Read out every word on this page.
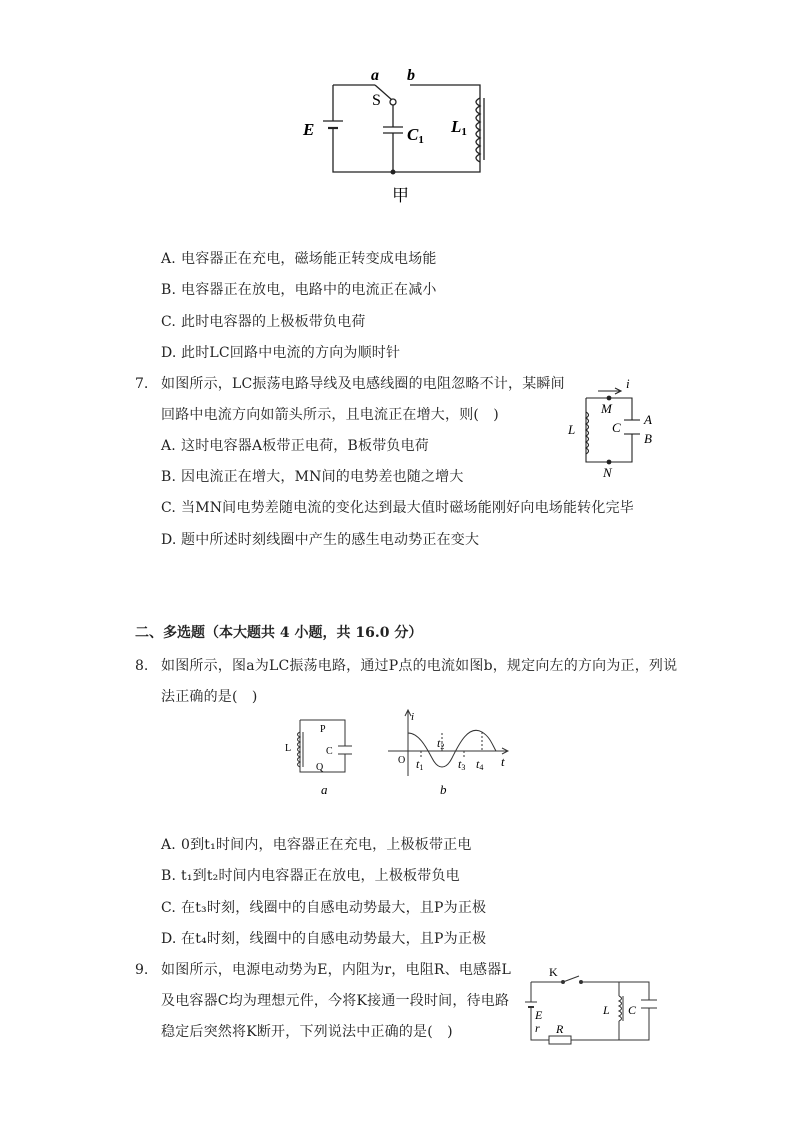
a b
S
E	C1
L1
甲
A. 电容器正在充电，磁场能正转变成电场能
B. 电容器正在放电，电路中的电流正在减小
C. 此时电容器的上极板带负电荷
D. 此时LC回路中电流的方向为顺时针
7. 如图所示，LC振荡电路导线及电感线圈的电阻忽略不计，某瞬间
回路中电流方向如箭头所示，且电流正在增大，则(　)
A. 这时电容器A板带正电荷，B板带负电荷
B. 因电流正在增大，MN间的电势差也随之增大
C. 当MN间电势差随电流的变化达到最大值时磁场能刚好向电场能转化完毕
D. 题中所述时刻线圈中产生的感生电动势正在变大
i
M
N
L	C
A
B
二、多选题（本大题共 4 小题，共 16.0 分）
8. 如图所示，图a为LC振荡电路，通过P点的电流如图b，规定向左的方向为正，列说
法正确的是(　)
L
P
Q
C
a
i
t
O t1
t2
t3 t4
b
A. 0到t₁时间内，电容器正在充电，上极板带正电
B. t₁到t₂时间内电容器正在放电，上极板带负电
C. 在t₃时刻，线圈中的自感电动势最大，且P为正极
D. 在t₄时刻，线圈中的自感电动势最大，且P为正极
9. 如图所示，电源电动势为E，内阻为r，电阻R、电感器L
及电容器C均为理想元件，今将K接通一段时间，待电路
稳定后突然将K断开，下列说法中正确的是(　)
K
E
r R
L C
